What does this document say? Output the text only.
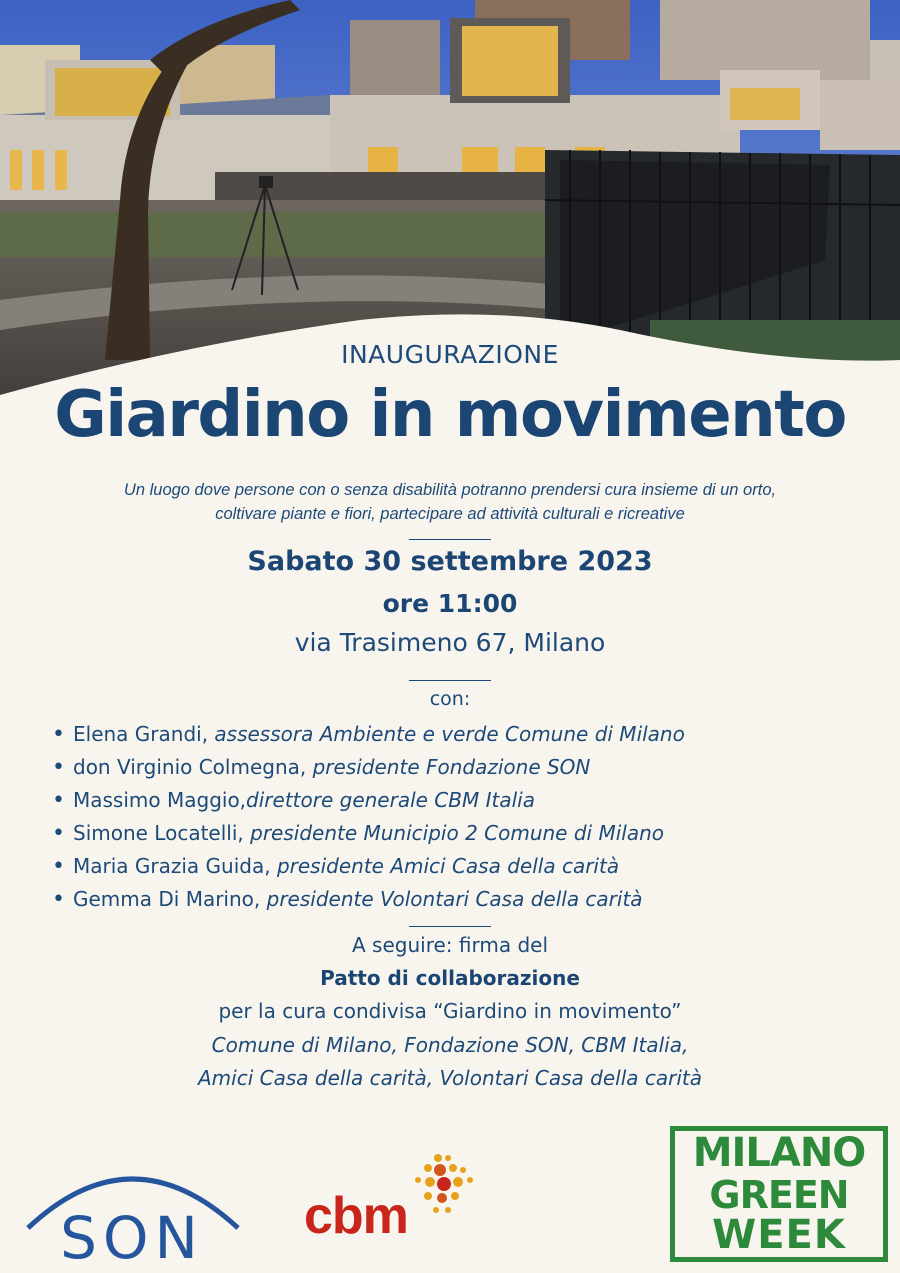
INAUGURAZIONE
Giardino in movimento
Un luogo dove persone con o senza disabilità potranno prendersi cura insieme di un orto,
coltivare piante e fiori, partecipare ad attività culturali e ricreative
Sabato 30 settembre 2023
ore 11:00
via Trasimeno 67, Milano
con:
• Elena Grandi, assessora Ambiente e verde Comune di Milano
• don Virginio Colmegna, presidente Fondazione SON
• Massimo Maggio,direttore generale CBM Italia
• Simone Locatelli, presidente Municipio 2 Comune di Milano
• Maria Grazia Guida, presidente Amici Casa della carità
• Gemma Di Marino, presidente Volontari Casa della carità
A seguire: firma del
Patto di collaborazione
per la cura condivisa “Giardino in movimento”
Comune di Milano, Fondazione SON, CBM Italia,
Amici Casa della carità, Volontari Casa della carità
SON cbm
MILANO
GREEN
WEEK
